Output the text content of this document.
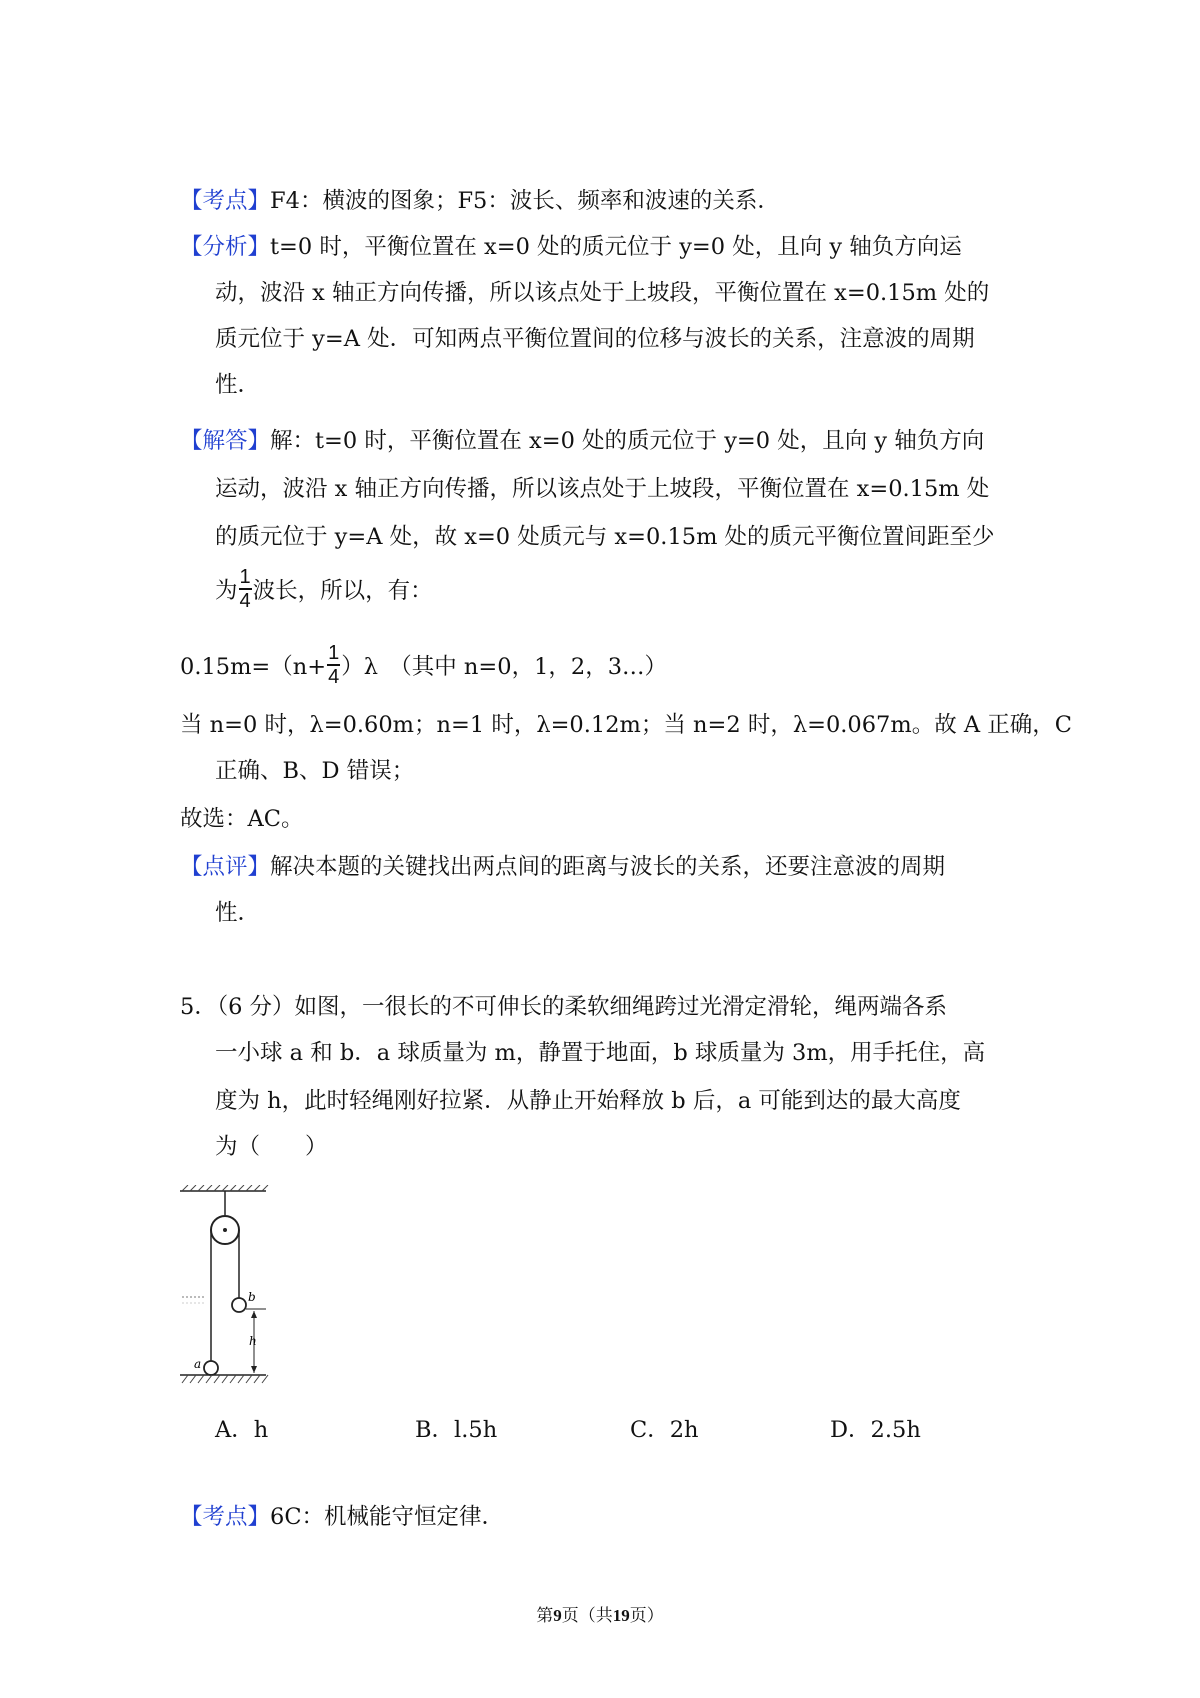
【考点】F4：横波的图象；F5：波长、频率和波速的关系．
【分析】t=0 时，平衡位置在 x=0 处的质元位于 y=0 处，且向 y 轴负方向运
动，波沿 x 轴正方向传播，所以该点处于上坡段，平衡位置在 x=0.15m 处的
质元位于 y=A 处．可知两点平衡位置间的位移与波长的关系，注意波的周期
性．
【解答】解：t=0 时，平衡位置在 x=0 处的质元位于 y=0 处，且向 y 轴负方向
运动，波沿 x 轴正方向传播，所以该点处于上坡段，平衡位置在 x=0.15m 处
的质元位于 y=A 处，故 x=0 处质元与 x=0.15m 处的质元平衡位置间距至少
为 $\frac{1}{4}$ 波长，所以，有：
$0.15m=(n+ \frac{1}{4} )\lambda$　（其中 n=0，1，2，3…）
当 n=0 时，λ=0.60m；n=1 时，λ=0.12m；当 n=2 时，λ=0.067m。故 A 正确，C
正确、B、D 错误；
故选：AC。
【点评】解决本题的关键找出两点间的距离与波长的关系，还要注意波的周期
性．
5．（6 分）如图，一很长的不可伸长的柔软细绳跨过光滑定滑轮，绳两端各系
一小球 a 和 b．a 球质量为 m，静置于地面，b 球质量为 3m，用手托住，高
度为 h，此时轻绳刚好拉紧．从静止开始释放 b 后，a 可能到达的最大高度
为（　　）
b
h
a
A．h	B．l.5h	C．2h	D．2.5h
【考点】6C：机械能守恒定律．
第9页（共19页）
